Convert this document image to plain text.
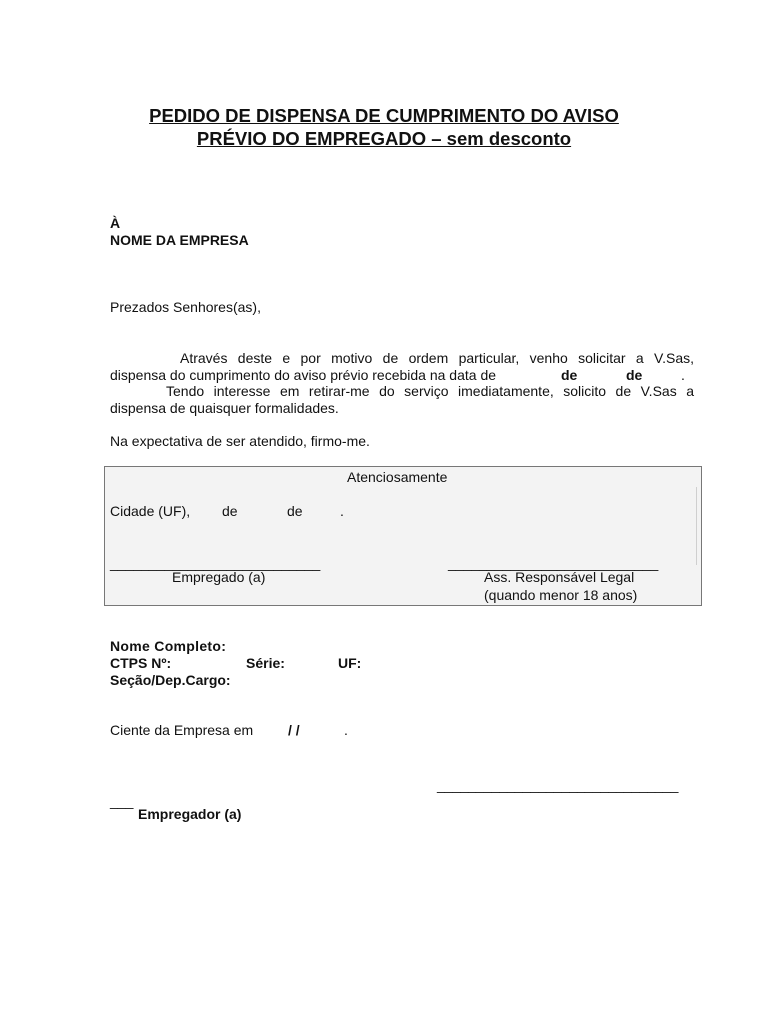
PEDIDO DE DISPENSA DE CUMPRIMENTO DO AVISO
PRÉVIO DO EMPREGADO – sem desconto
À
NOME DA EMPRESA
Prezados Senhores(as),
Através deste e por motivo de ordem particular, venho solicitar a V.Sas,
dispensa do cumprimento do aviso prévio recebida na data de	de	de	.
Tendo interesse em retirar-me do serviço imediatamente, solicito de V.Sas a
dispensa de quaisquer formalidades.
Na expectativa de ser atendido, firmo-me.
Atenciosamente
Cidade (UF), de	de	.
___________________________	___________________________
Empregado (a)	Ass. Responsável Legal
(quando menor 18 anos)
Nome Completo:
CTPS Nº:	Série:	UF:
Seção/Dep.Cargo:
Ciente da Empresa em / /	.
_______________________________
___
Empregador (a)
